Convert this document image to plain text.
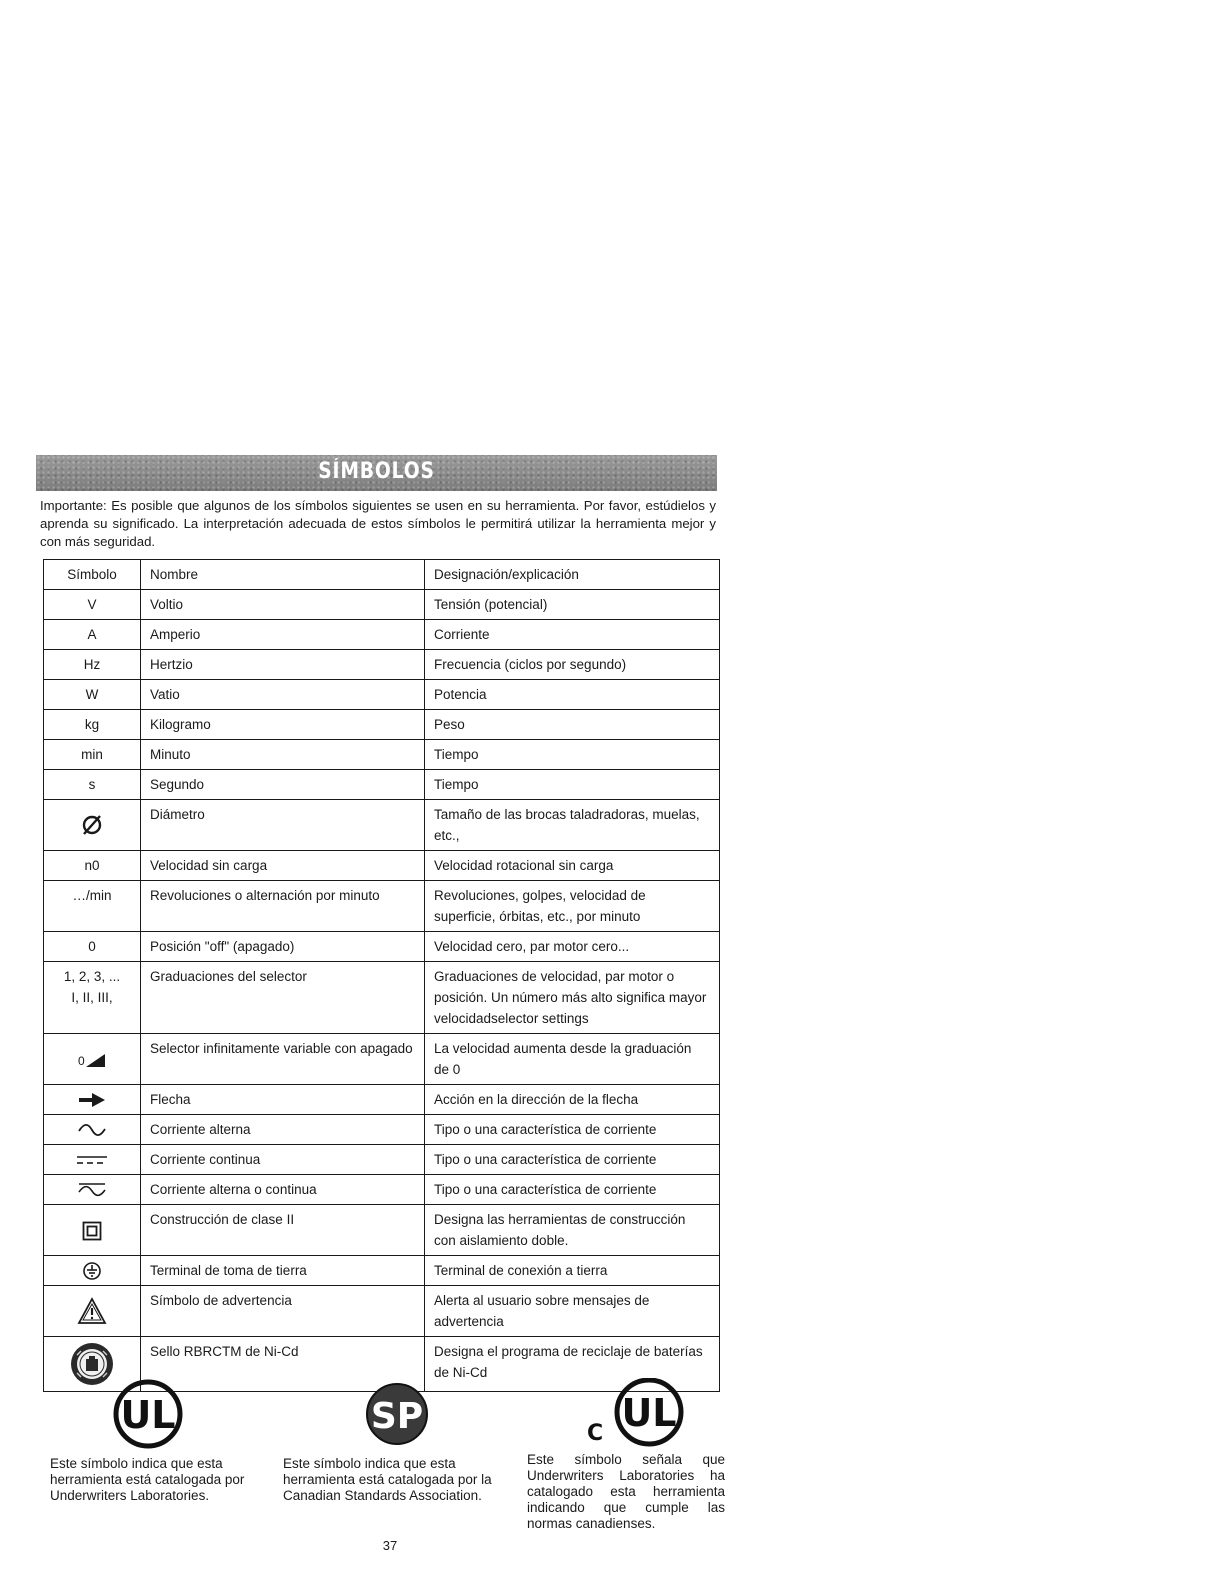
SÍMBOLOS

Importante: Es posible que algunos de los símbolos siguientes se usen en su herramienta. Por favor, estúdielos y aprenda su significado. La interpretación adecuada de estos símbolos le permitirá utilizar la herramienta mejor y con más seguridad.

Símbolo	Nombre	Designación/explicación
V	Voltio	Tensión (potencial)
A	Amperio	Corriente
Hz	Hertzio	Frecuencia (ciclos por segundo)
W	Vatio	Potencia
kg	Kilogramo	Peso
min	Minuto	Tiempo
s	Segundo	Tiempo
	Diámetro	Tamaño de las brocas taladradoras, muelas, etc.,
n0	Velocidad sin carga	Velocidad rotacional sin carga
…/min	Revoluciones o alternación por minuto	Revoluciones, golpes, velocidad de superficie, órbitas, etc., por minuto
0	Posición "off" (apagado)	Velocidad cero, par motor cero...

1, 2, 3, ...
I, II, III,	Graduaciones del selector	Graduaciones de velocidad, par motor o posición. Un número más alto significa mayor velocidadselector settings

0	Selector infinitamente variable con apagado	La velocidad aumenta desde la graduación de 0
	Flecha	Acción en la dirección de la flecha
	Corriente alterna	Tipo o una característica de corriente
	Corriente continua	Tipo o una característica de corriente
	Corriente alterna o continua	Tipo o una característica de corriente
	Construcción de clase II	Designa las herramientas de construcción con aislamiento doble.
	Terminal de toma de tierra	Terminal de conexión a tierra
	Símbolo de advertencia	Alerta al usuario sobre mensajes de advertencia
	Sello RBRCTM de Ni-Cd	Designa el programa de reciclaje de baterías de Ni-Cd
UL	SP	C UL

Este símbolo indica que esta herramienta está catalogada por Underwriters Laboratories.

Este símbolo indica que esta herramienta está catalogada por la Canadian Standards Association.

Este símbolo señala que Underwriters Laboratories ha catalogado esta herramienta indicando que cumple las normas canadienses.

37
